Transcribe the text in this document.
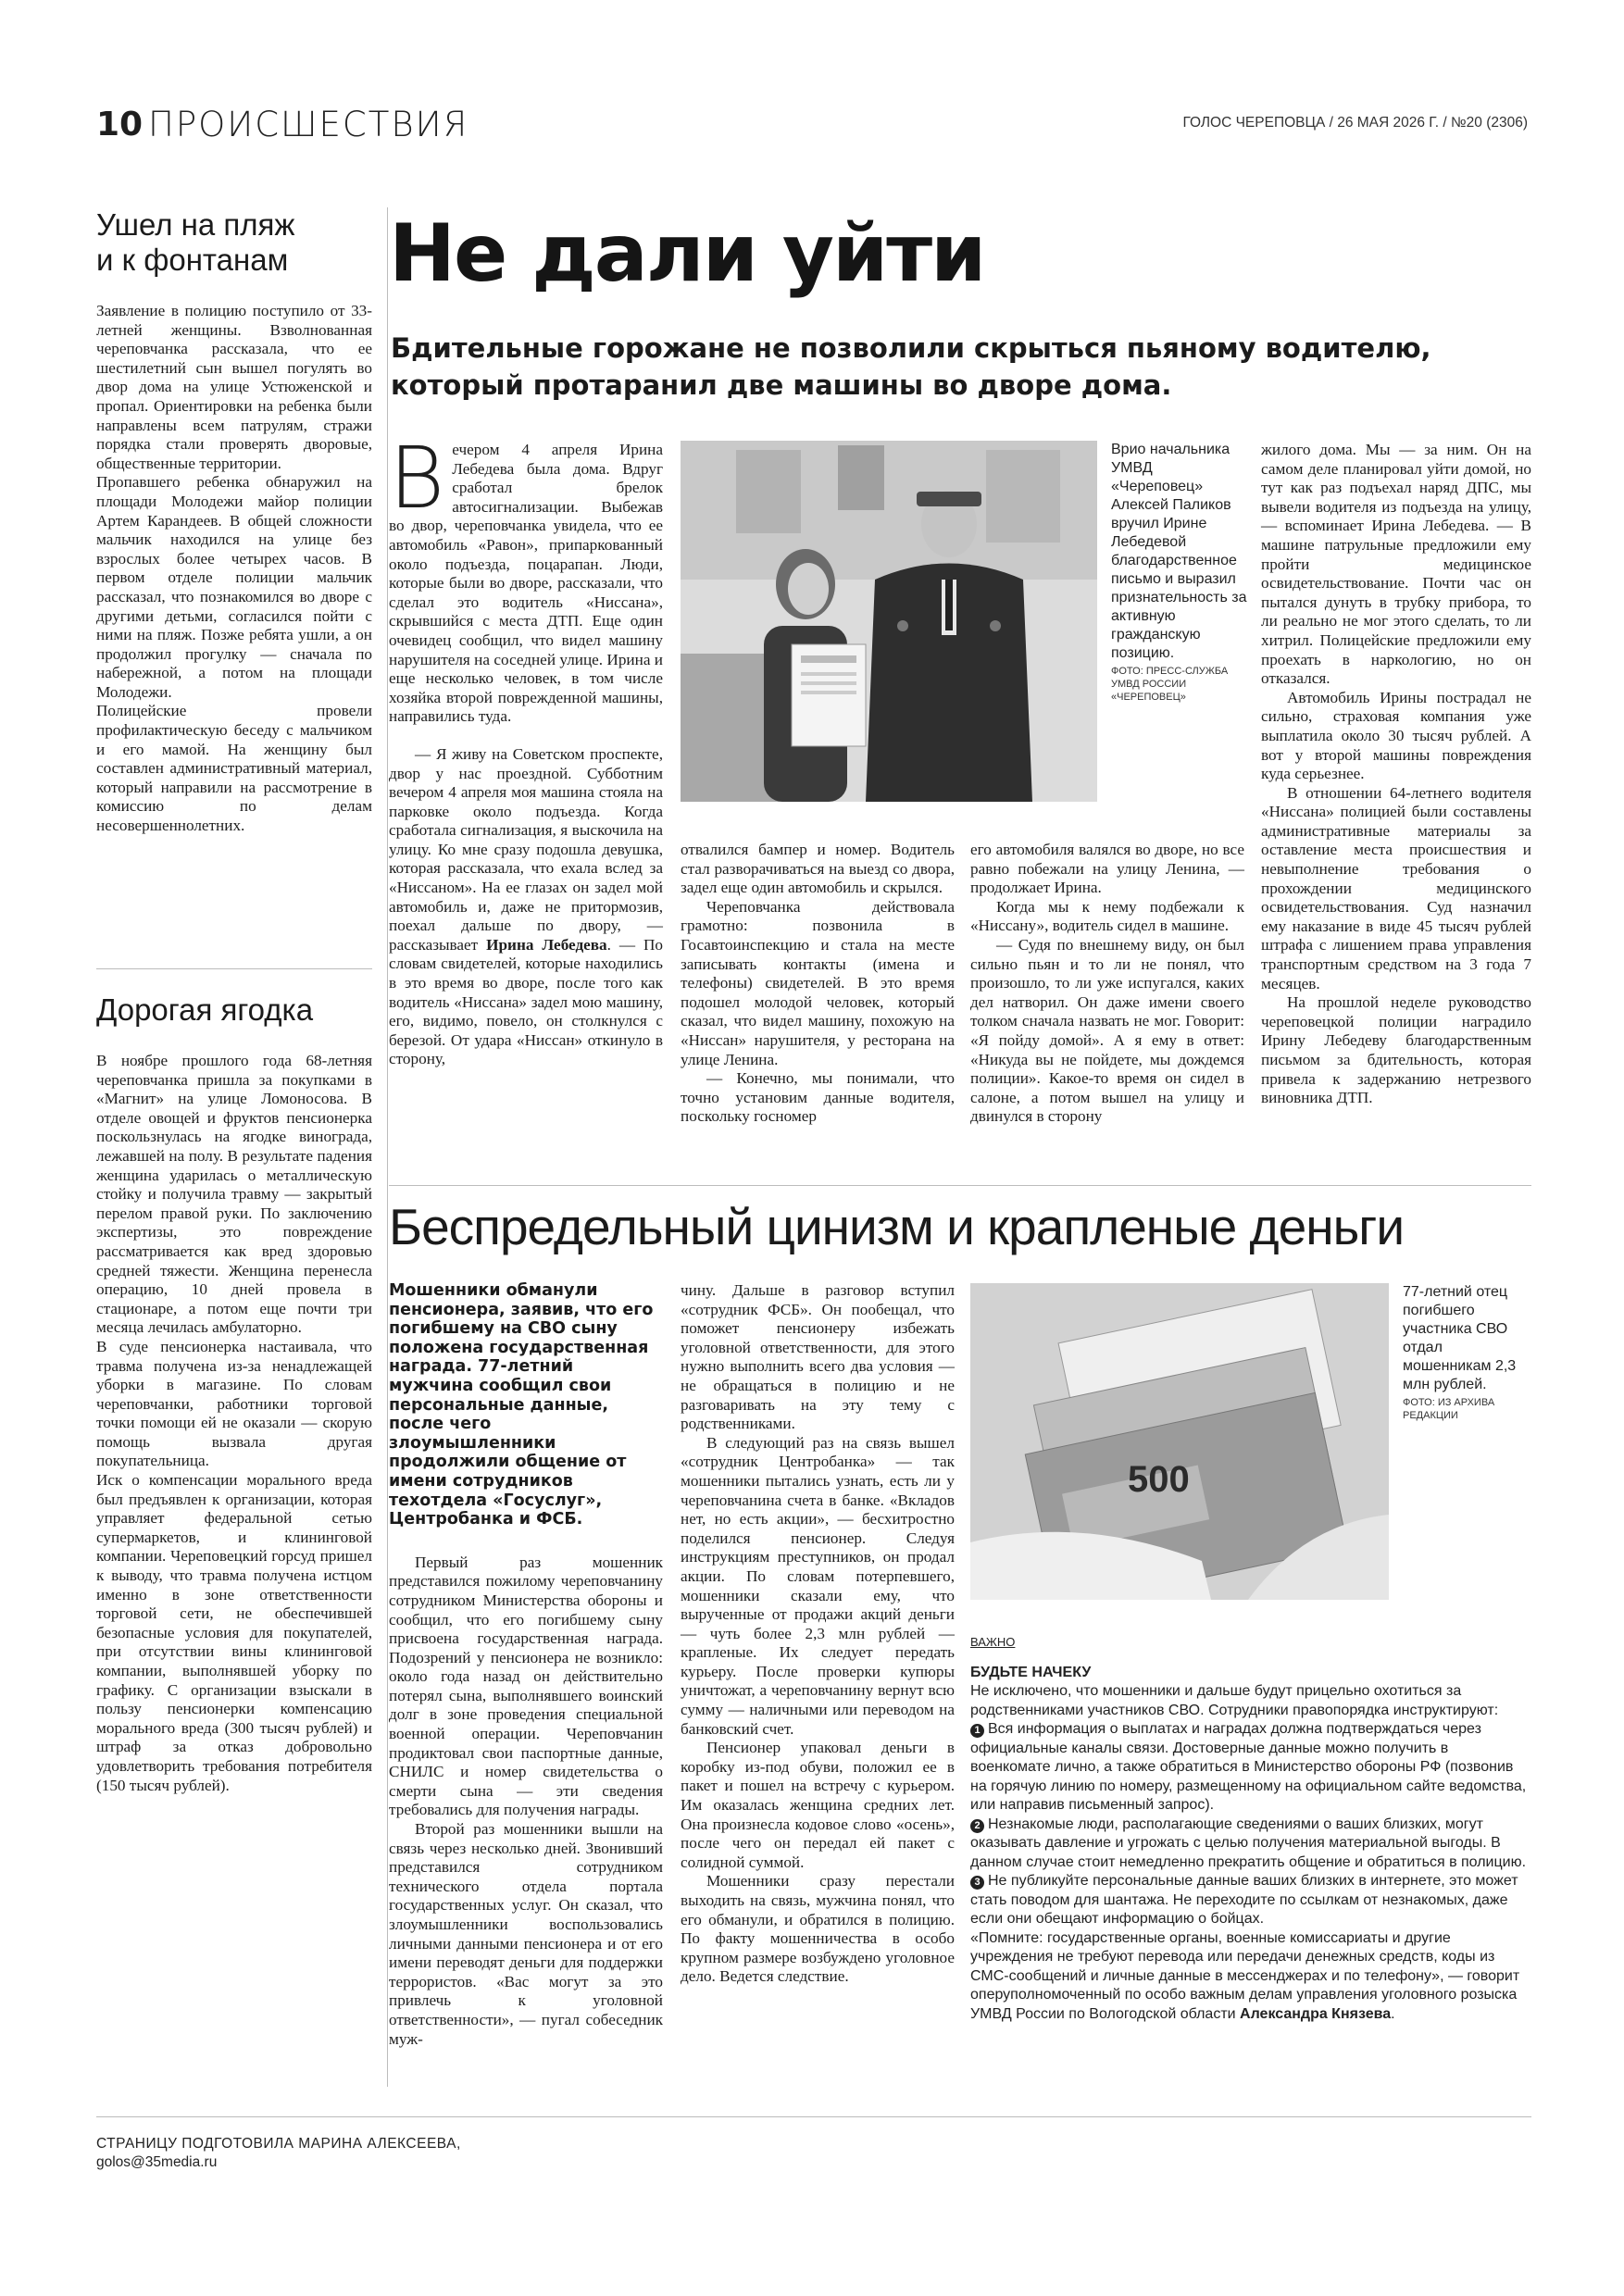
10 ПРОИСШЕСТВИЯ	ГОЛОС ЧЕРЕПОВЦА / 26 МАЯ 2026 Г. / №20 (2306)
Ушел на пляж
и к фонтанам

Заявление в полицию поступило от 33-летней женщины. Взволнованная череповчанка рассказала, что ее шестилетний сын вышел погулять во двор дома на улице Устюженской и пропал. Ориентировки на ребенка были направлены всем патрулям, стражи порядка стали проверять дворовые, общественные территории.

Пропавшего ребенка обнаружил на площади Молодежи майор полиции Артем Карандеев. В общей сложности мальчик находился на улице без взрослых более четырех часов. В первом отделе полиции мальчик рассказал, что познакомился во дворе с другими детьми, согласился пойти с ними на пляж. Позже ребята ушли, а он продолжил прогулку — сначала по набережной, а потом на площади Молодежи.

Полицейские провели профилактическую беседу с мальчиком и его мамой. На женщину был составлен административный материал, который направили на рассмотрение в комиссию по делам несовершеннолетних.

Дорогая ягодка

В ноябре прошлого года 68-летняя череповчанка пришла за покупками в «Магнит» на улице Ломоносова. В отделе овощей и фруктов пенсионерка поскользнулась на ягодке винограда, лежавшей на полу. В результате падения женщина ударилась о металлическую стойку и получила травму — закрытый перелом правой руки. По заключению экспертизы, это повреждение рассматривается как вред здоровью средней тяжести. Женщина перенесла операцию, 10 дней провела в стационаре, а потом еще почти три месяца лечилась амбулаторно.

В суде пенсионерка настаивала, что травма получена из-за ненадлежащей уборки в магазине. По словам череповчанки, работники торговой точки помощи ей не оказали — скорую помощь вызвала другая покупательница.

Иск о компенсации морального вреда был предъявлен к организации, которая управляет федеральной сетью супермаркетов, и клининговой компании. Череповецкий горсуд пришел к выводу, что травма получена истцом именно в зоне ответственности торговой сети, не обеспечившей безопасные условия для покупателей, при отсутствии вины клининговой компании, выполнявшей уборку по графику. С организации взыскали в пользу пенсионерки компенсацию морального вреда (300 тысяч рублей) и штраф за отказ добровольно удовлетворить требования потребителя (150 тысяч рублей).

Не дали уйти
Бдительные горожане не позволили скрыться пьяному водителю, который протаранил две машины во дворе дома.

Вечером 4 апреля Ирина Лебедева была дома. Вдруг сработал брелок автосигнализации. Выбежав во двор, череповчанка увидела, что ее автомобиль «Равон», припаркованный около подъезда, поцарапан. Люди, которые были во дворе, рассказали, что сделал это водитель «Ниссана», скрывшийся с места ДТП. Еще один очевидец сообщил, что видел машину нарушителя на соседней улице. Ирина и еще несколько человек, в том числе хозяйка второй поврежденной машины, направились туда.

— Я живу на Советском проспекте, двор у нас проездной. Субботним вечером 4 апреля моя машина стояла на парковке около подъезда. Когда сработала сигнализация, я выскочила на улицу. Ко мне сразу подошла девушка, которая рассказала, что ехала вслед за «Ниссаном». На ее глазах он задел мой автомобиль и, даже не притормозив, поехал дальше по двору, — рассказывает Ирина Лебедева. — По словам свидетелей, которые находились в это время во дворе, после того как водитель «Ниссана» задел мою машину, его, видимо, повело, он столкнулся с березой. От удара «Ниссан» откинуло в сторону,

Врио начальника УМВД «Череповец» Алексей Паликов вручил Ирине Лебедевой благодарственное письмо и выразил признательность за активную гражданскую позицию.
ФОТО: ПРЕСС-СЛУЖБА УМВД РОССИИ «ЧЕРЕПОВЕЦ»

отвалился бампер и номер. Водитель стал разворачиваться на выезд со двора, задел еще один автомобиль и скрылся.

Череповчанка действовала грамотно: позвонила в Госавтоинспекцию и стала на месте записывать контакты (имена и телефоны) свидетелей. В это время подошел молодой человек, который сказал, что видел машину, похожую на «Ниссан» нарушителя, у ресторана на улице Ленина.

— Конечно, мы понимали, что точно установим данные водителя, поскольку госномер

его автомобиля валялся во дворе, но все равно побежали на улицу Ленина, — продолжает Ирина.

Когда мы к нему подбежали к «Ниссану», водитель сидел в машине.

— Судя по внешнему виду, он был сильно пьян и то ли не понял, что произошло, то ли уже испугался, каких дел натворил. Он даже имени своего толком сначала назвать не мог. Говорит: «Я пойду домой». А я ему в ответ: «Никуда вы не пойдете, мы дождемся полиции». Какое-то время он сидел в салоне, а потом вышел на улицу и двинулся в сторону

жилого дома. Мы — за ним. Он на самом деле планировал уйти домой, но тут как раз подъехал наряд ДПС, мы вывели водителя из подъезда на улицу, — вспоминает Ирина Лебедева. — В машине патрульные предложили ему пройти медицинское освидетельствование. Почти час он пытался дунуть в трубку прибора, то ли реально не мог этого сделать, то ли хитрил. Полицейские предложили ему проехать в наркологию, но он отказался.

Автомобиль Ирины пострадал не сильно, страховая компания уже выплатила около 30 тысяч рублей. А вот у второй машины повреждения куда серьезнее.

В отношении 64-летнего водителя «Ниссана» полицией были составлены административные материалы за оставление места происшествия и невыполнение требования о прохождении медицинского освидетельствования. Суд назначил ему наказание в виде 45 тысяч рублей штрафа с лишением права управления транспортным средством на 3 года 7 месяцев.

На прошлой неделе руководство череповецкой полиции наградило Ирину Лебедеву благодарственным письмом за бдительность, которая привела к задержанию нетрезвого виновника ДТП.

Беспредельный цинизм и крапленые деньги

Мошенники обманули пенсионера, заявив, что его погибшему на СВО сыну положена государственная награда. 77-летний мужчина сообщил свои персональные данные, после чего злоумышленники продолжили общение от имени сотрудников техотдела «Госуслуг», Центробанка и ФСБ.

Первый раз мошенник представился пожилому череповчанину сотрудником Министерства обороны и сообщил, что его погибшему сыну присвоена государственная награда. Подозрений у пенсионера не возникло: около года назад он действительно потерял сына, выполнявшего воинский долг в зоне проведения специальной военной операции. Череповчанин продиктовал свои паспортные данные, СНИЛС и номер свидетельства о смерти сына — эти сведения требовались для получения награды.

Второй раз мошенники вышли на связь через несколько дней. Звонивший представился сотрудником технического отдела портала государственных услуг. Он сказал, что злоумышленники воспользовались личными данными пенсионера и от его имени переводят деньги для поддержки террористов. «Вас могут за это привлечь к уголовной ответственности», — пугал собеседник муж-

чину. Дальше в разговор вступил «сотрудник ФСБ». Он пообещал, что поможет пенсионеру избежать уголовной ответственности, для этого нужно выполнить всего два условия — не обращаться в полицию и не разговаривать на эту тему с родственниками.

В следующий раз на связь вышел «сотрудник Центробанка» — так мошенники пытались узнать, есть ли у череповчанина счета в банке. «Вкладов нет, но есть акции», — бесхитростно поделился пенсионер. Следуя инструкциям преступников, он продал акции. По словам потерпевшего, мошенники сказали ему, что вырученные от продажи акций деньги — чуть более 2,3 млн рублей — крапленые. Их следует передать курьеру. После проверки купюры уничтожат, а череповчанину вернут всю сумму — наличными или переводом на банковский счет.

Пенсионер упаковал деньги в коробку из-под обуви, положил ее в пакет и пошел на встречу с курьером. Им оказалась женщина средних лет. Она произнесла кодовое слово «осень», после чего он передал ей пакет с солидной суммой.

Мошенники сразу перестали выходить на связь, мужчина понял, что его обманули, и обратился в полицию. По факту мошенничества в особо крупном размере возбуждено уголовное дело. Ведется следствие.

500
77-летний отец погибшего участника СВО отдал мошенникам 2,3 млн рублей.
ФОТО: ИЗ АРХИВА РЕДАКЦИИ
ВАЖНО
БУДЬТЕ НАЧЕКУ
Не исключено, что мошенники и дальше будут прицельно охотиться за родственниками участников СВО. Сотрудники правопорядка инструктируют:
1 Вся информация о выплатах и наградах должна подтверждаться через официальные каналы связи. Достоверные данные можно получить в военкомате лично, а также обратиться в Министерство обороны РФ (позвонив на горячую линию по номеру, размещенному на официальном сайте ведомства, или направив письменный запрос).
2 Незнакомые люди, располагающие сведениями о ваших близких, могут оказывать давление и угрожать с целью получения материальной выгоды. В данном случае стоит немедленно прекратить общение и обратиться в полицию.
3 Не публикуйте персональные данные ваших близких в интернете, это может стать поводом для шантажа. Не переходите по ссылкам от незнакомых, даже если они обещают информацию о бойцах.
«Помните: государственные органы, военные комиссариаты и другие учреждения не требуют перевода или передачи денежных средств, коды из СМС-сообщений и личные данные в мессенджерах и по телефону», — говорит оперуполномоченный по особо важным делам управления уголовного розыска УМВД России по Вологодской области Александра Князева.
СТРАНИЦУ ПОДГОТОВИЛА МАРИНА АЛЕКСЕЕВА,
golos@35media.ru
